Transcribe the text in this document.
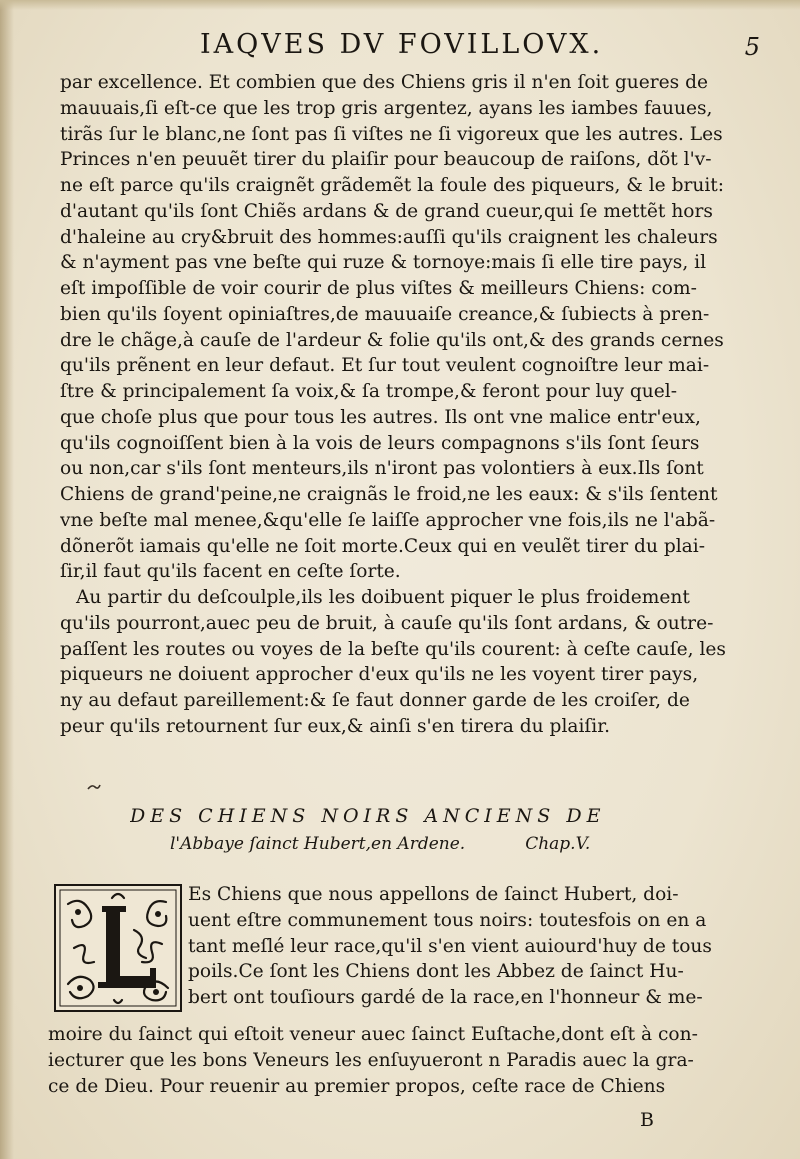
IAQVES DV FOVILLOVX.	5
par excellence. Et combien que des Chiens gris il n'en ſoit gueres de
mauuais,ſi eſt-ce que les trop gris argentez, ayans les iambes fauues,
tirãs ſur le blanc,ne ſont pas ſi viſtes ne ſi vigoreux que les autres. Les
Princes n'en peuuẽt tirer du plaiſir pour beaucoup de raiſons, dõt l'v-
ne eſt parce qu'ils craignẽt grãdemẽt la foule des piqueurs, & le bruit:
d'autant qu'ils ſont Chiẽs ardans & de grand cueur,qui ſe mettẽt hors
d'haleine au cry&bruit des hommes:auſſi qu'ils craignent les chaleurs
& n'ayment pas vne beſte qui ruze & tornoye:mais ſi elle tire pays, il
eſt impoſſible de voir courir de plus viſtes & meilleurs Chiens: com-
bien qu'ils ſoyent opiniaſtres,de mauuaiſe creance,& ſubiects à pren-
dre le chãge,à cauſe de l'ardeur & folie qu'ils ont,& des grands cernes
qu'ils prẽnent en leur defaut. Et ſur tout veulent cognoiſtre leur mai-
ſtre & principalement ſa voix,& ſa trompe,& feront pour luy quel-
que choſe plus que pour tous les autres. Ils ont vne malice entr'eux,
qu'ils cognoiſſent bien à la vois de leurs compagnons s'ils ſont ſeurs
ou non,car s'ils ſont menteurs,ils n'iront pas volontiers à eux.Ils ſont
Chiens de grand'peine,ne craignãs le froid,ne les eaux: & s'ils ſentent
vne beſte mal menee,&qu'elle ſe laiſſe approcher vne fois,ils ne l'abã-
dõnerõt iamais qu'elle ne ſoit morte.Ceux qui en veulẽt tirer du plai-
ſir,il faut qu'ils facent en ceſte ſorte.
Au partir du deſcoulple,ils les doibuent piquer le plus froidement
qu'ils pourront,auec peu de bruit, à cauſe qu'ils ſont ardans, & outre-
paſſent les routes ou voyes de la beſte qu'ils courent: à ceſte cauſe, les
piqueurs ne doiuent approcher d'eux qu'ils ne les voyent tirer pays,
ny au defaut pareillement:& ſe faut donner garde de les croiſer, de
peur qu'ils retournent ſur eux,& ainſi s'en tirera du plaiſir.
DES CHIENS NOIRS ANCIENS DE
l'Abbaye ſainct Hubert,en Ardene.	Chap.V.
Es Chiens que nous appellons de ſainct Hubert, doi-
uent eſtre communement tous noirs: toutesfois on en a
tant meſlé leur race,qu'il s'en vient auiourd'huy de tous
poils.Ce ſont les Chiens dont les Abbez de ſainct Hu-
bert ont touſiours gardé de la race,en l'honneur & me-
moire du ſainct qui eſtoit veneur auec ſainct Euſtache,dont eſt à con-
iecturer que les bons Veneurs les enſuyueront n Paradis auec la gra-
ce de Dieu. Pour reuenir au premier propos, ceſte race de Chiens
B
